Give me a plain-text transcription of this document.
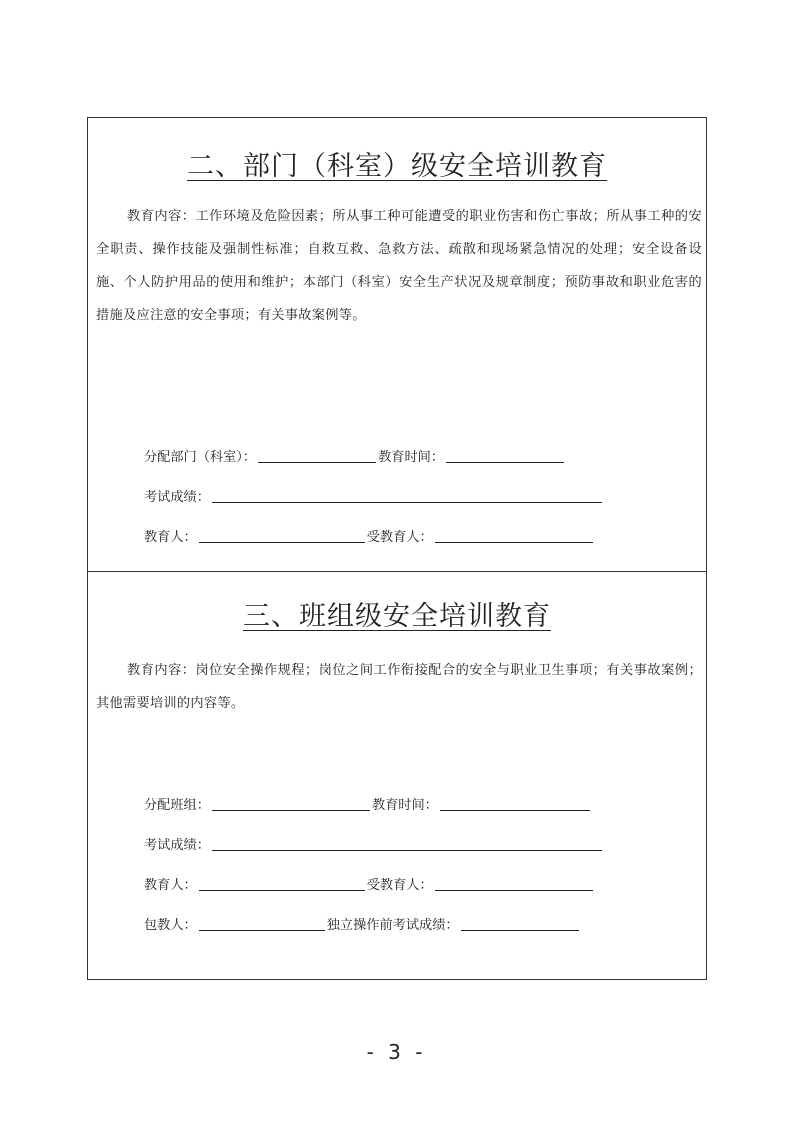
二、部门（科室）级安全培训教育

教育内容：工作环境及危险因素；所从事工种可能遭受的职业伤害和伤亡事故；所从事工种的安全职责、操作技能及强制性标准；自救互救、急救方法、疏散和现场紧急情况的处理；安全设备设施、个人防护用品的使用和维护；本部门（科室）安全生产状况及规章制度；预防事故和职业危害的措施及应注意的安全事项；有关事故案例等。

分配部门（科室）：	教育时间：
考试成绩：
教育人：	受教育人：
三、班组级安全培训教育

教育内容：岗位安全操作规程；岗位之间工作衔接配合的安全与职业卫生事项；有关事故案例；其他需要培训的内容等。

分配班组：	教育时间：
考试成绩：
教育人：	受教育人：
包教人：	独立操作前考试成绩：
- 3 -
